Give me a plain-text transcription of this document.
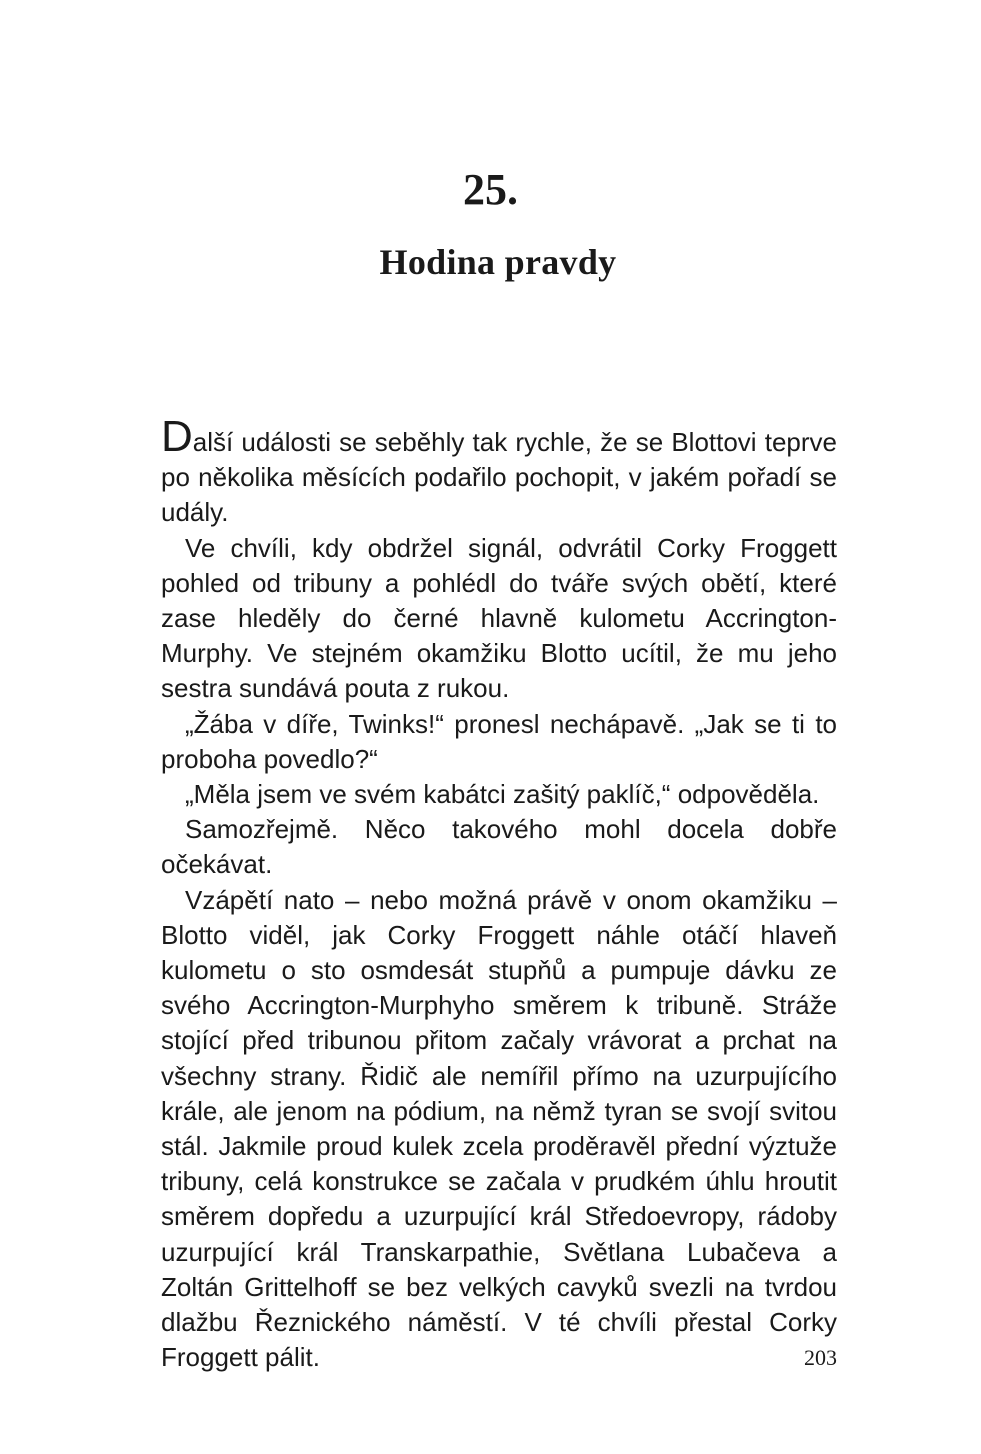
25.
Hodina pravdy

Další události se seběhly tak rychle, že se Blottovi teprve po několika měsících podařilo pochopit, v jakém pořadí se udály.

Ve chvíli, kdy obdržel signál, odvrátil Corky Froggett pohled od tribuny a pohlédl do tváře svých obětí, které zase hleděly do černé hlavně kulometu Accrington-Murphy. Ve stejném okamžiku Blotto ucítil, že mu jeho sestra sundává pouta z rukou.

„Žába v díře, Twinks!“ pronesl nechápavě. „Jak se ti to proboha povedlo?“

„Měla jsem ve svém kabátci zašitý paklíč,“ odpověděla.

Samozřejmě. Něco takového mohl docela dobře očekávat.

Vzápětí nato – nebo možná právě v onom okamžiku – Blotto viděl, jak Corky Froggett náhle otáčí hlaveň kulometu o sto osmdesát stupňů a pumpuje dávku ze svého Accrington-Murphyho směrem k tribuně. Stráže stojící před tribunou přitom začaly vrávorat a prchat na všechny strany. Řidič ale nemířil přímo na uzurpujícího krále, ale jenom na pódium, na němž tyran se svojí svitou stál. Jakmile proud kulek zcela proděravěl přední výztuže tribuny, celá konstrukce se začala v prudkém úhlu hroutit směrem dopředu a uzurpující král Středoevropy, rádoby uzurpující král Transkarpathie, Světlana Lubačeva a Zoltán Grittelhoff se bez velkých cavyků svezli na tvrdou dlažbu Řeznického náměstí. V té chvíli přestal Corky Froggett pálit.	203
